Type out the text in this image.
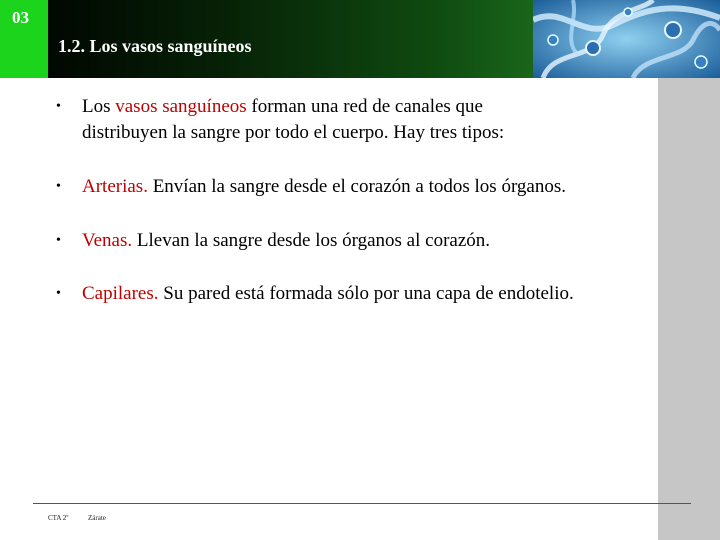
03
1.2. Los vasos sanguíneos
• Los vasos sanguíneos forman una red de canales que
distribuyen la sangre por todo el cuerpo. Hay tres tipos:
• Arterias. Envían la sangre desde el corazón a todos los órganos.
• Venas. Llevan la sangre desde los órganos al corazón.
• Capilares. Su pared está formada sólo por una capa de endotelio.
CTA 2º	Zárate
